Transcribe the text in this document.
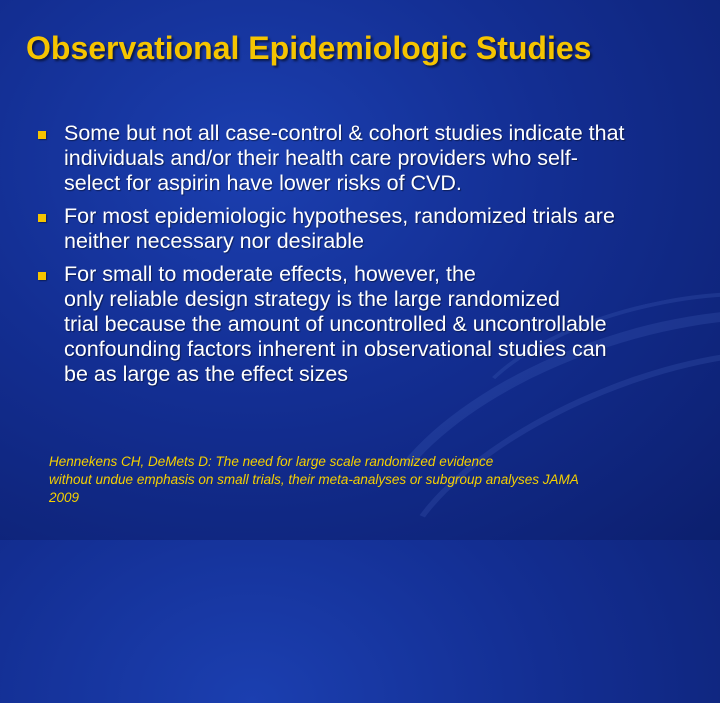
Observational Epidemiologic Studies
Some but not all case-control & cohort studies indicate that
individuals and/or their health care providers who self-
select for aspirin have lower risks of CVD.
For most epidemiologic hypotheses, randomized trials are
neither necessary nor desirable
For small to moderate effects, however, the
only reliable design strategy is the large randomized
trial because the amount of uncontrolled & uncontrollable
confounding factors inherent in observational studies can
be as large as the effect sizes
Hennekens CH, DeMets D: The need for large scale randomized evidence
without undue emphasis on small trials, their meta-analyses or subgroup analyses JAMA
2009
